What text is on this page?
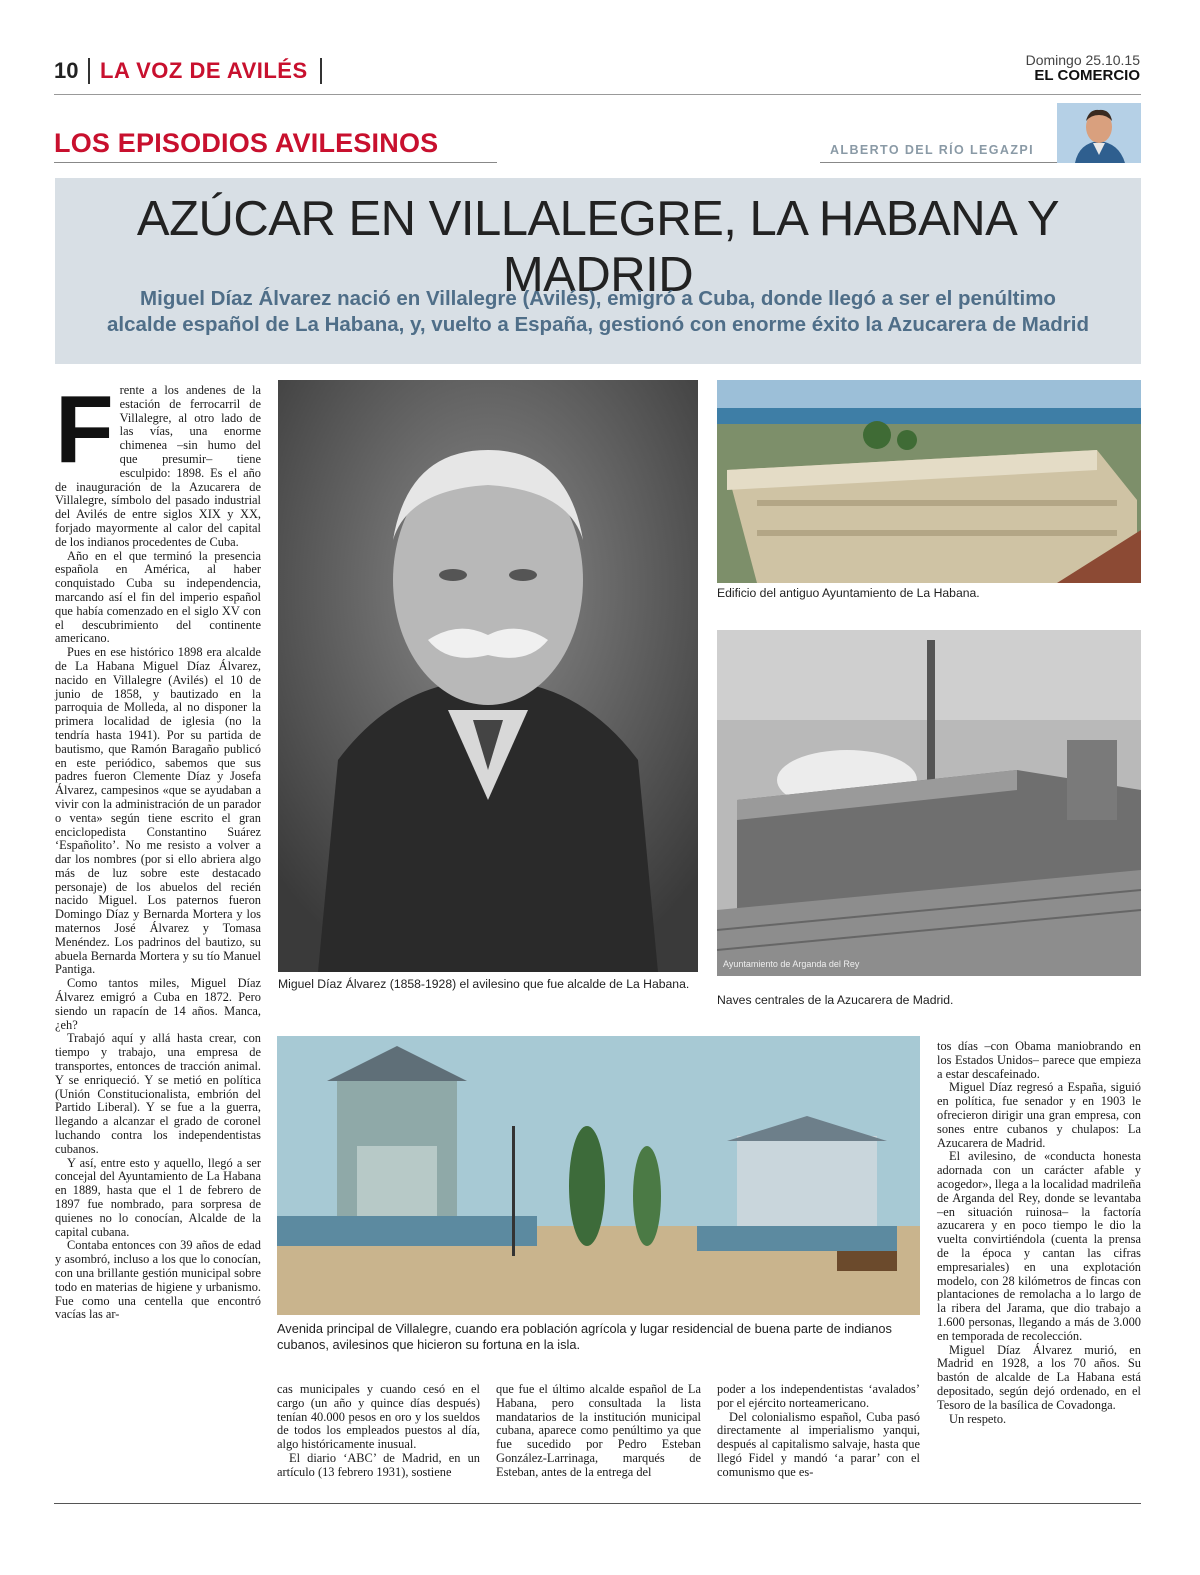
10 LA VOZ DE AVILÉS	Domingo 25.10.15
EL COMERCIO
LOS EPISODIOS AVILESINOS	ALBERTO DEL RÍO LEGAZPI
AZÚCAR EN VILLALEGRE, LA HABANA Y MADRID
Miguel Díaz Álvarez nació en Villalegre (Avilés), emigró a Cuba, donde llegó a ser el penúltimo
alcalde español de La Habana, y, vuelto a España, gestionó con enorme éxito la Azucarera de Madrid
F rente a los andenes de la estación de ferrocarril de Villalegre, al otro lado de las vías, una enorme chimenea –sin humo del que presumir– tiene esculpido: 1898. Es el año de inauguración de la Azucarera de Villalegre, símbolo del pasado industrial del Avilés de entre siglos XIX y XX, forjado mayormente al calor del capital de los indianos procedentes de Cuba.

Año en el que terminó la presencia española en América, al haber conquistado Cuba su independencia, marcando así el fin del imperio español que había comenzado en el siglo XV con el descubrimiento del continente americano.

Pues en ese histórico 1898 era alcalde de La Habana Miguel Díaz Álvarez, nacido en Villalegre (Avilés) el 10 de junio de 1858, y bautizado en la parroquia de Molleda, al no disponer la primera localidad de iglesia (no la tendría hasta 1941). Por su partida de bautismo, que Ramón Baragaño publicó en este periódico, sabemos que sus padres fueron Clemente Díaz y Josefa Álvarez, campesinos «que se ayudaban a vivir con la administración de un parador o venta» según tiene escrito el gran enciclopedista Constantino Suárez ‘Españolito’. No me resisto a volver a dar los nombres (por si ello abriera algo más de luz sobre este destacado personaje) de los abuelos del recién nacido Miguel. Los paternos fueron Domingo Díaz y Bernarda Mortera y los maternos José Álvarez y Tomasa Menéndez. Los padrinos del bautizo, su abuela Bernarda Mortera y su tío Manuel Pantiga.

Como tantos miles, Miguel Díaz Álvarez emigró a Cuba en 1872. Pero siendo un rapacín de 14 años. Manca, ¿eh?

Trabajó aquí y allá hasta crear, con tiempo y trabajo, una empresa de transportes, entonces de tracción animal. Y se enriqueció. Y se metió en política (Unión Constitucionalista, embrión del Partido Liberal). Y se fue a la guerra, llegando a alcanzar el grado de coronel luchando contra los independentistas cubanos.

Y así, entre esto y aquello, llegó a ser concejal del Ayuntamiento de La Habana en 1889, hasta que el 1 de febrero de 1897 fue nombrado, para sorpresa de quienes no lo conocían, Alcalde de la capital cubana.

Contaba entonces con 39 años de edad y asombró, incluso a los que lo conocían, con una brillante gestión municipal sobre todo en materias de higiene y urbanismo. Fue como una centella que encontró vacías las ar-

Miguel Díaz Álvarez (1858-1928) el avilesino que fue alcalde de La Habana.
Edificio del antiguo Ayuntamiento de La Habana.
Ayuntamiento de Arganda del Rey
Naves centrales de la Azucarera de Madrid.
Avenida principal de Villalegre, cuando era población agrícola y lugar residencial de buena parte de indianos cubanos, avilesinos que hicieron su fortuna en la isla.

cas municipales y cuando cesó en el cargo (un año y quince días después) tenían 40.000 pesos en oro y los sueldos de todos los empleados puestos al día, algo históricamente inusual.

El diario ‘ABC’ de Madrid, en un artículo (13 febrero 1931), sostiene

que fue el último alcalde español de La Habana, pero consultada la lista mandatarios de la institución municipal cubana, aparece como penúltimo ya que fue sucedido por Pedro Esteban González-Larrinaga, marqués de Esteban, antes de la entrega del

poder a los independentistas ‘avalados’ por el ejército norteamericano.

Del colonialismo español, Cuba pasó directamente al imperialismo yanqui, después al capitalismo salvaje, hasta que llegó Fidel y mandó ‘a parar’ con el comunismo que es-

tos días –con Obama maniobrando en los Estados Unidos– parece que empieza a estar descafeinado.

Miguel Díaz regresó a España, siguió en política, fue senador y en 1903 le ofrecieron dirigir una gran empresa, con sones entre cubanos y chulapos: La Azucarera de Madrid.

El avilesino, de «conducta honesta adornada con un carácter afable y acogedor», llega a la localidad madrileña de Arganda del Rey, donde se levantaba –en situación ruinosa– la factoría azucarera y en poco tiempo le dio la vuelta convirtiéndola (cuenta la prensa de la época y cantan las cifras empresariales) en una explotación modelo, con 28 kilómetros de fincas con plantaciones de remolacha a lo largo de la ribera del Jarama, que dio trabajo a 1.600 personas, llegando a más de 3.000 en temporada de recolección.

Miguel Díaz Álvarez murió, en Madrid en 1928, a los 70 años. Su bastón de alcalde de La Habana está depositado, según dejó ordenado, en el Tesoro de la basílica de Covadonga.

Un respeto.
